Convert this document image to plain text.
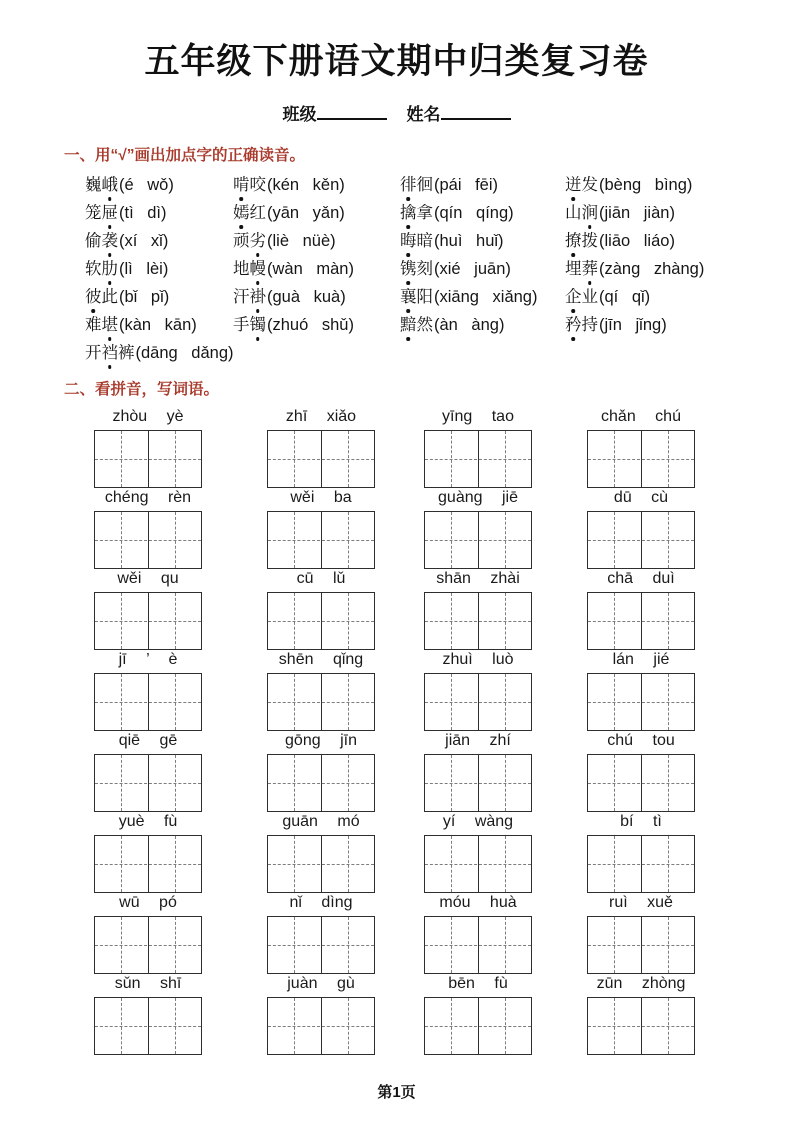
五年级下册语文期中归类复习卷
班级	姓名
一、用“√”画出加点字的正确读音。
巍峨(é wǒ)	啃咬(kén kěn)	徘徊(pái fēi)	迸发(bèng bìng)
笼屉(tì dì)	嫣红(yān yǎn)	擒拿(qín qíng)	山涧(jiān jiàn)
偷袭(xí xǐ)	顽劣(liè nüè)	晦暗(huì huǐ)	撩拨(liāo liáo)
软肋(lì lèi)	地幔(wàn màn)	镌刻(xié juān)	埋葬(zàng zhàng)
彼此(bǐ pǐ)	汗褂(guà kuà)	襄阳(xiāng xiǎng)	企业(qí qǐ)
难堪(kàn kān)	手镯(zhuó shǔ)	黯然(àn àng)	矜持(jīn jǐng)
开裆裤(dāng dǎng)
二、看拼音，写词语。
zhòu yè	zhī xiǎo	yīng tao	chǎn chú
chéng rèn	wěi ba	guàng jiē	dū cù
wěi qu	cū lǔ	shān zhài	chā duì
jī ’ è	shēn qǐng	zhuì luò	lán jié
qiē gē	gōng jīn	jiān zhí	chú tou
yuè fù	guān mó	yí wàng	bí tì
wū pó	nǐ dìng	móu huà	ruì xuě
sǔn shī	juàn gù	bēn fù	zūn zhòng
第1页
